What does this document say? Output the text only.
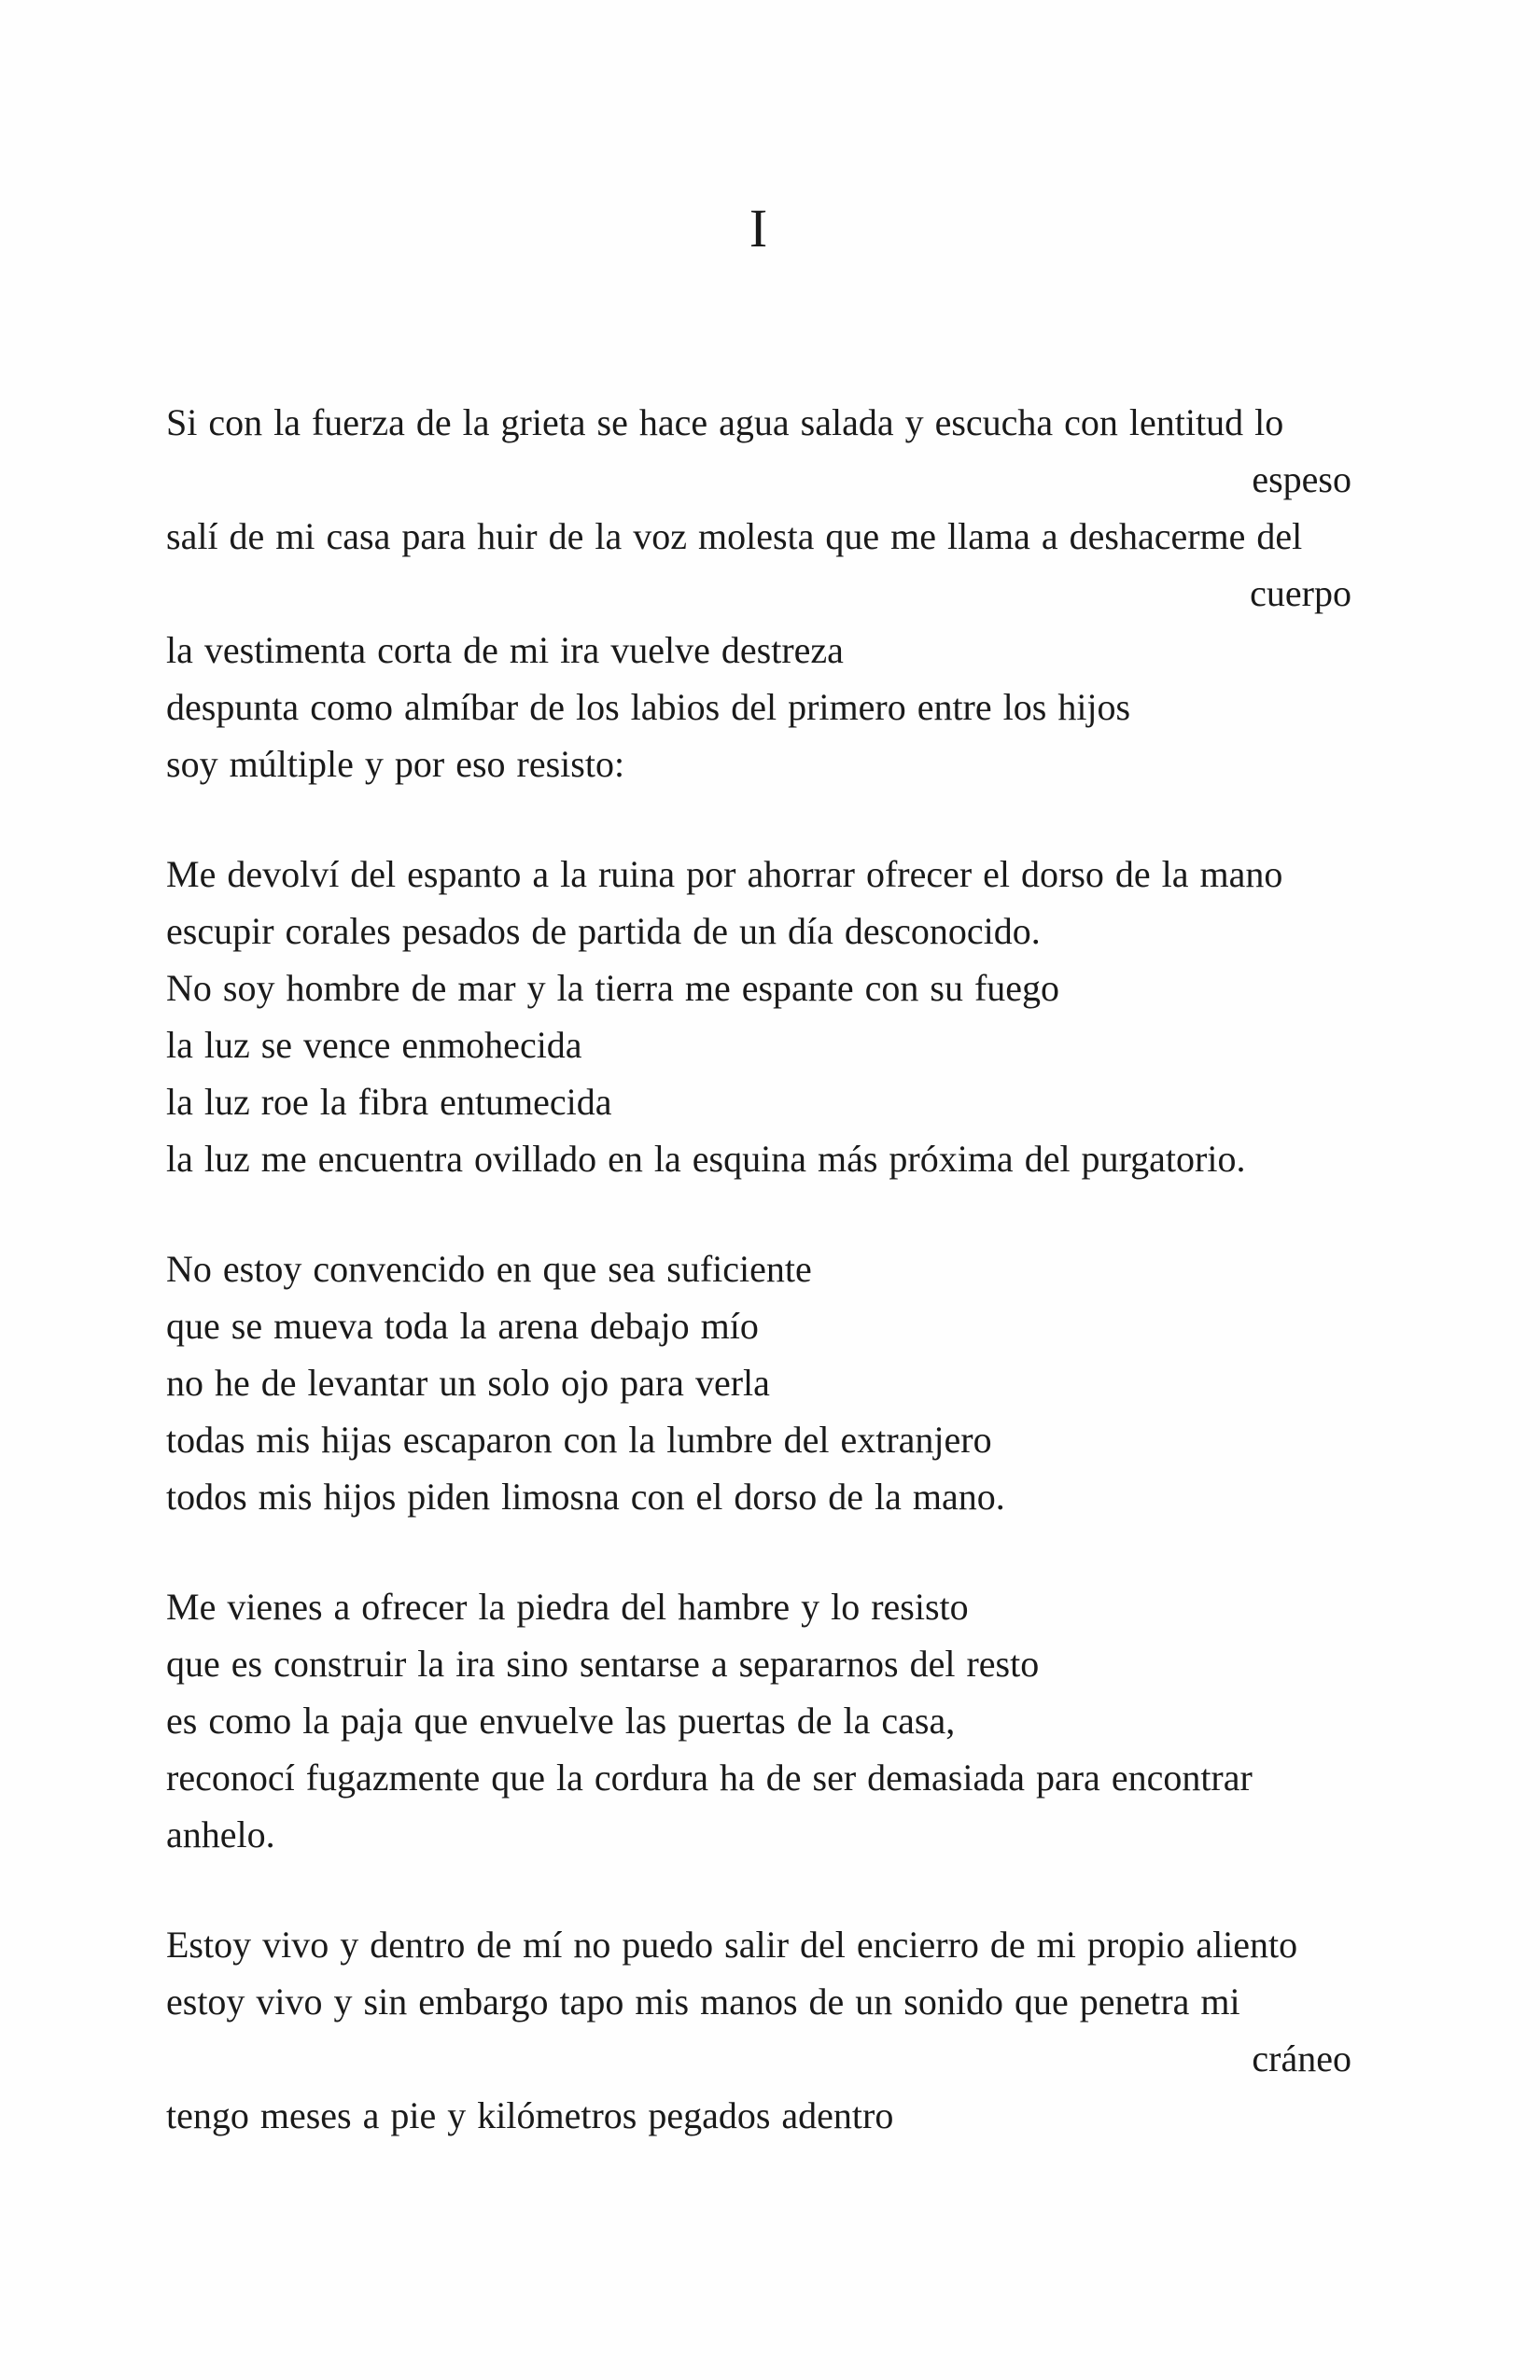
I
Si con la fuerza de la grieta se hace agua salada y escucha con lentitud lo
espeso
salí de mi casa para huir de la voz molesta que me llama a deshacerme del
cuerpo
la vestimenta corta de mi ira vuelve destreza
despunta como almíbar de los labios del primero entre los hijos
soy múltiple y por eso resisto:
Me devolví del espanto a la ruina por ahorrar ofrecer el dorso de la mano
escupir corales pesados de partida de un día desconocido.
No soy hombre de mar y la tierra me espante con su fuego
la luz se vence enmohecida
la luz roe la fibra entumecida
la luz me encuentra ovillado en la esquina más próxima del purgatorio.
No estoy convencido en que sea suficiente
que se mueva toda la arena debajo mío
no he de levantar un solo ojo para verla
todas mis hijas escaparon con la lumbre del extranjero
todos mis hijos piden limosna con el dorso de la mano.
Me vienes a ofrecer la piedra del hambre y lo resisto
que es construir la ira sino sentarse a separarnos del resto
es como la paja que envuelve las puertas de la casa,
reconocí fugazmente que la cordura ha de ser demasiada para encontrar
anhelo.
Estoy vivo y dentro de mí no puedo salir del encierro de mi propio aliento
estoy vivo y sin embargo tapo mis manos de un sonido que penetra mi
cráneo
tengo meses a pie y kilómetros pegados adentro
